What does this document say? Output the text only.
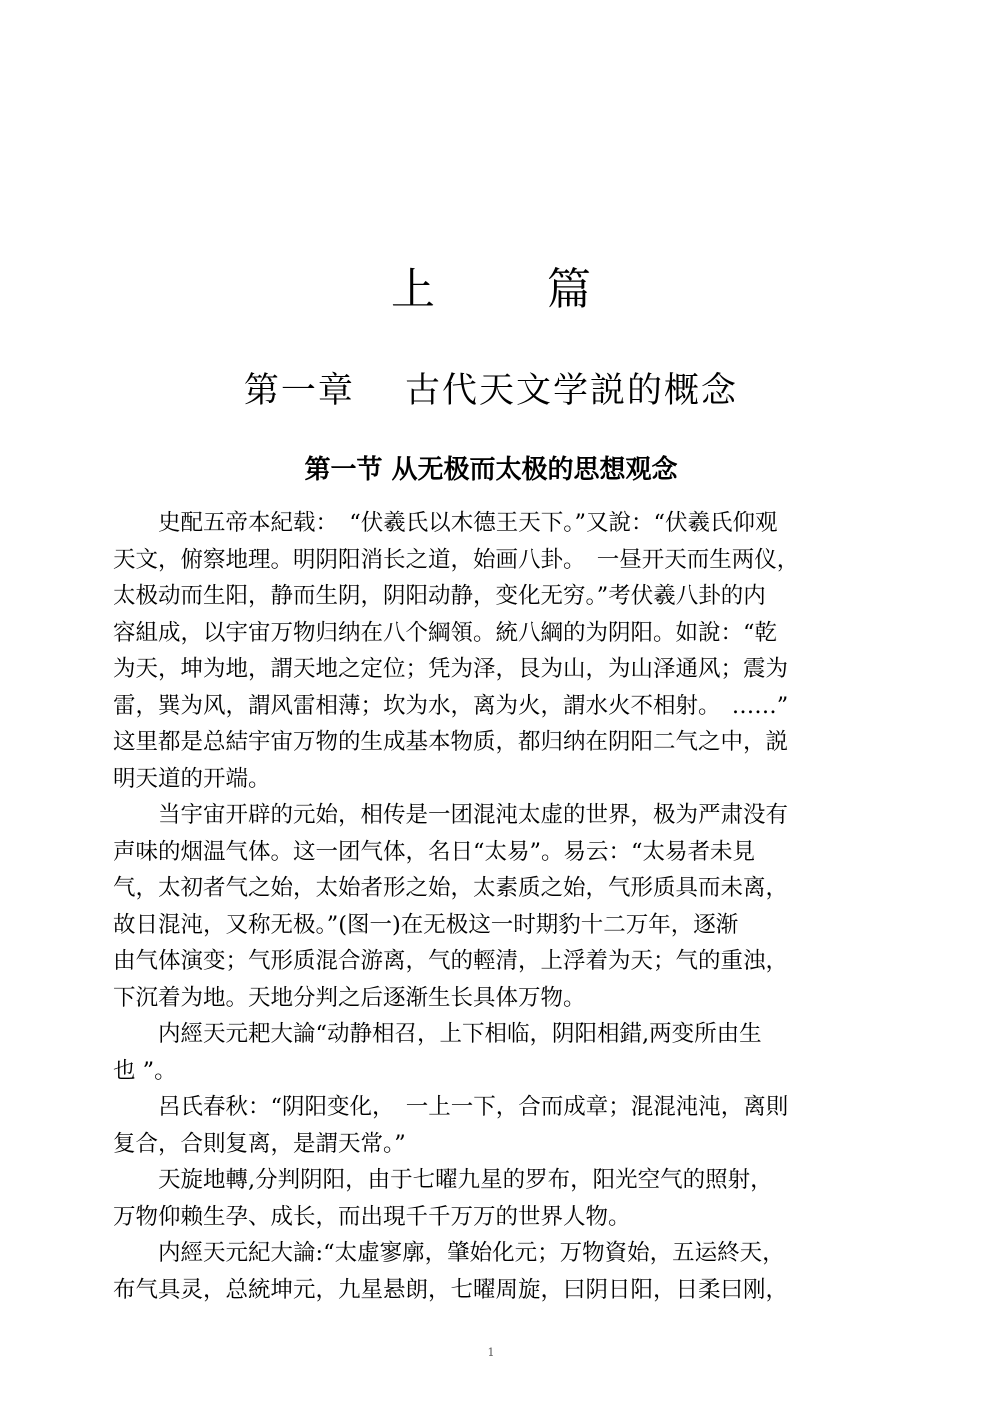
上篇
第一章　 古代天文学説的概念
第一节 从无极而太极的思想观念

　　史配五帝本紀载：　“伏羲氏以木德王天下。”又說：“伏羲氏仰观
天文，俯察地理。明阴阳消长之道，始画八卦。　一昼开天而生两仪，
太极动而生阳，静而生阴，阴阳动静，变化无穷。”考伏羲八卦的内
容組成，以宇宙万物归纳在八个綱領。統八綱的为阴阳。如說：“乾
为天，坤为地，謂天地之定位；凭为泽，艮为山，为山泽通风；震为
雷，巽为风，謂风雷相薄；坎为水，离为火，謂水火不相射。　……”
这里都是总結宇宙万物的生成基本物质，都归纳在阴阳二气之中，説
明天道的开端。

　　当宇宙开辟的元始，相传是一团混沌太虚的世界，极为严肃没有
声味的烟温气体。这一团气体，名日“太易”。易云：“太易者未見
气，太初者气之始，太始者形之始，太素质之始，气形质具而未离，
故日混沌，又称无极。”(图一)在无极这一时期豹十二万年，逐渐
由气体演变；气形质混合游离，气的輕清，上浮着为天；气的重浊，
下沉着为地。天地分判之后逐渐生长具体万物。

　　内經天元耙大論“动静相召，上下相临，阴阳相錯,两变所由生
也 ”。

　　呂氏春秋：“阴阳变化，　一上一下，合而成章；混混沌沌，离則
复合，合則复离，是謂天常。”

　　天旋地轉,分判阴阳，由于七曜九星的罗布，阳光空气的照射，
万物仰赖生孕、成长，而出現千千万万的世界人物。

　　内經天元紀大論:“太虛寥廓，肇始化元；万物資始，五运終天，
布气具灵，总統坤元，九星悬朗，七曜周旋，曰阴日阳，日柔曰刚，

1
